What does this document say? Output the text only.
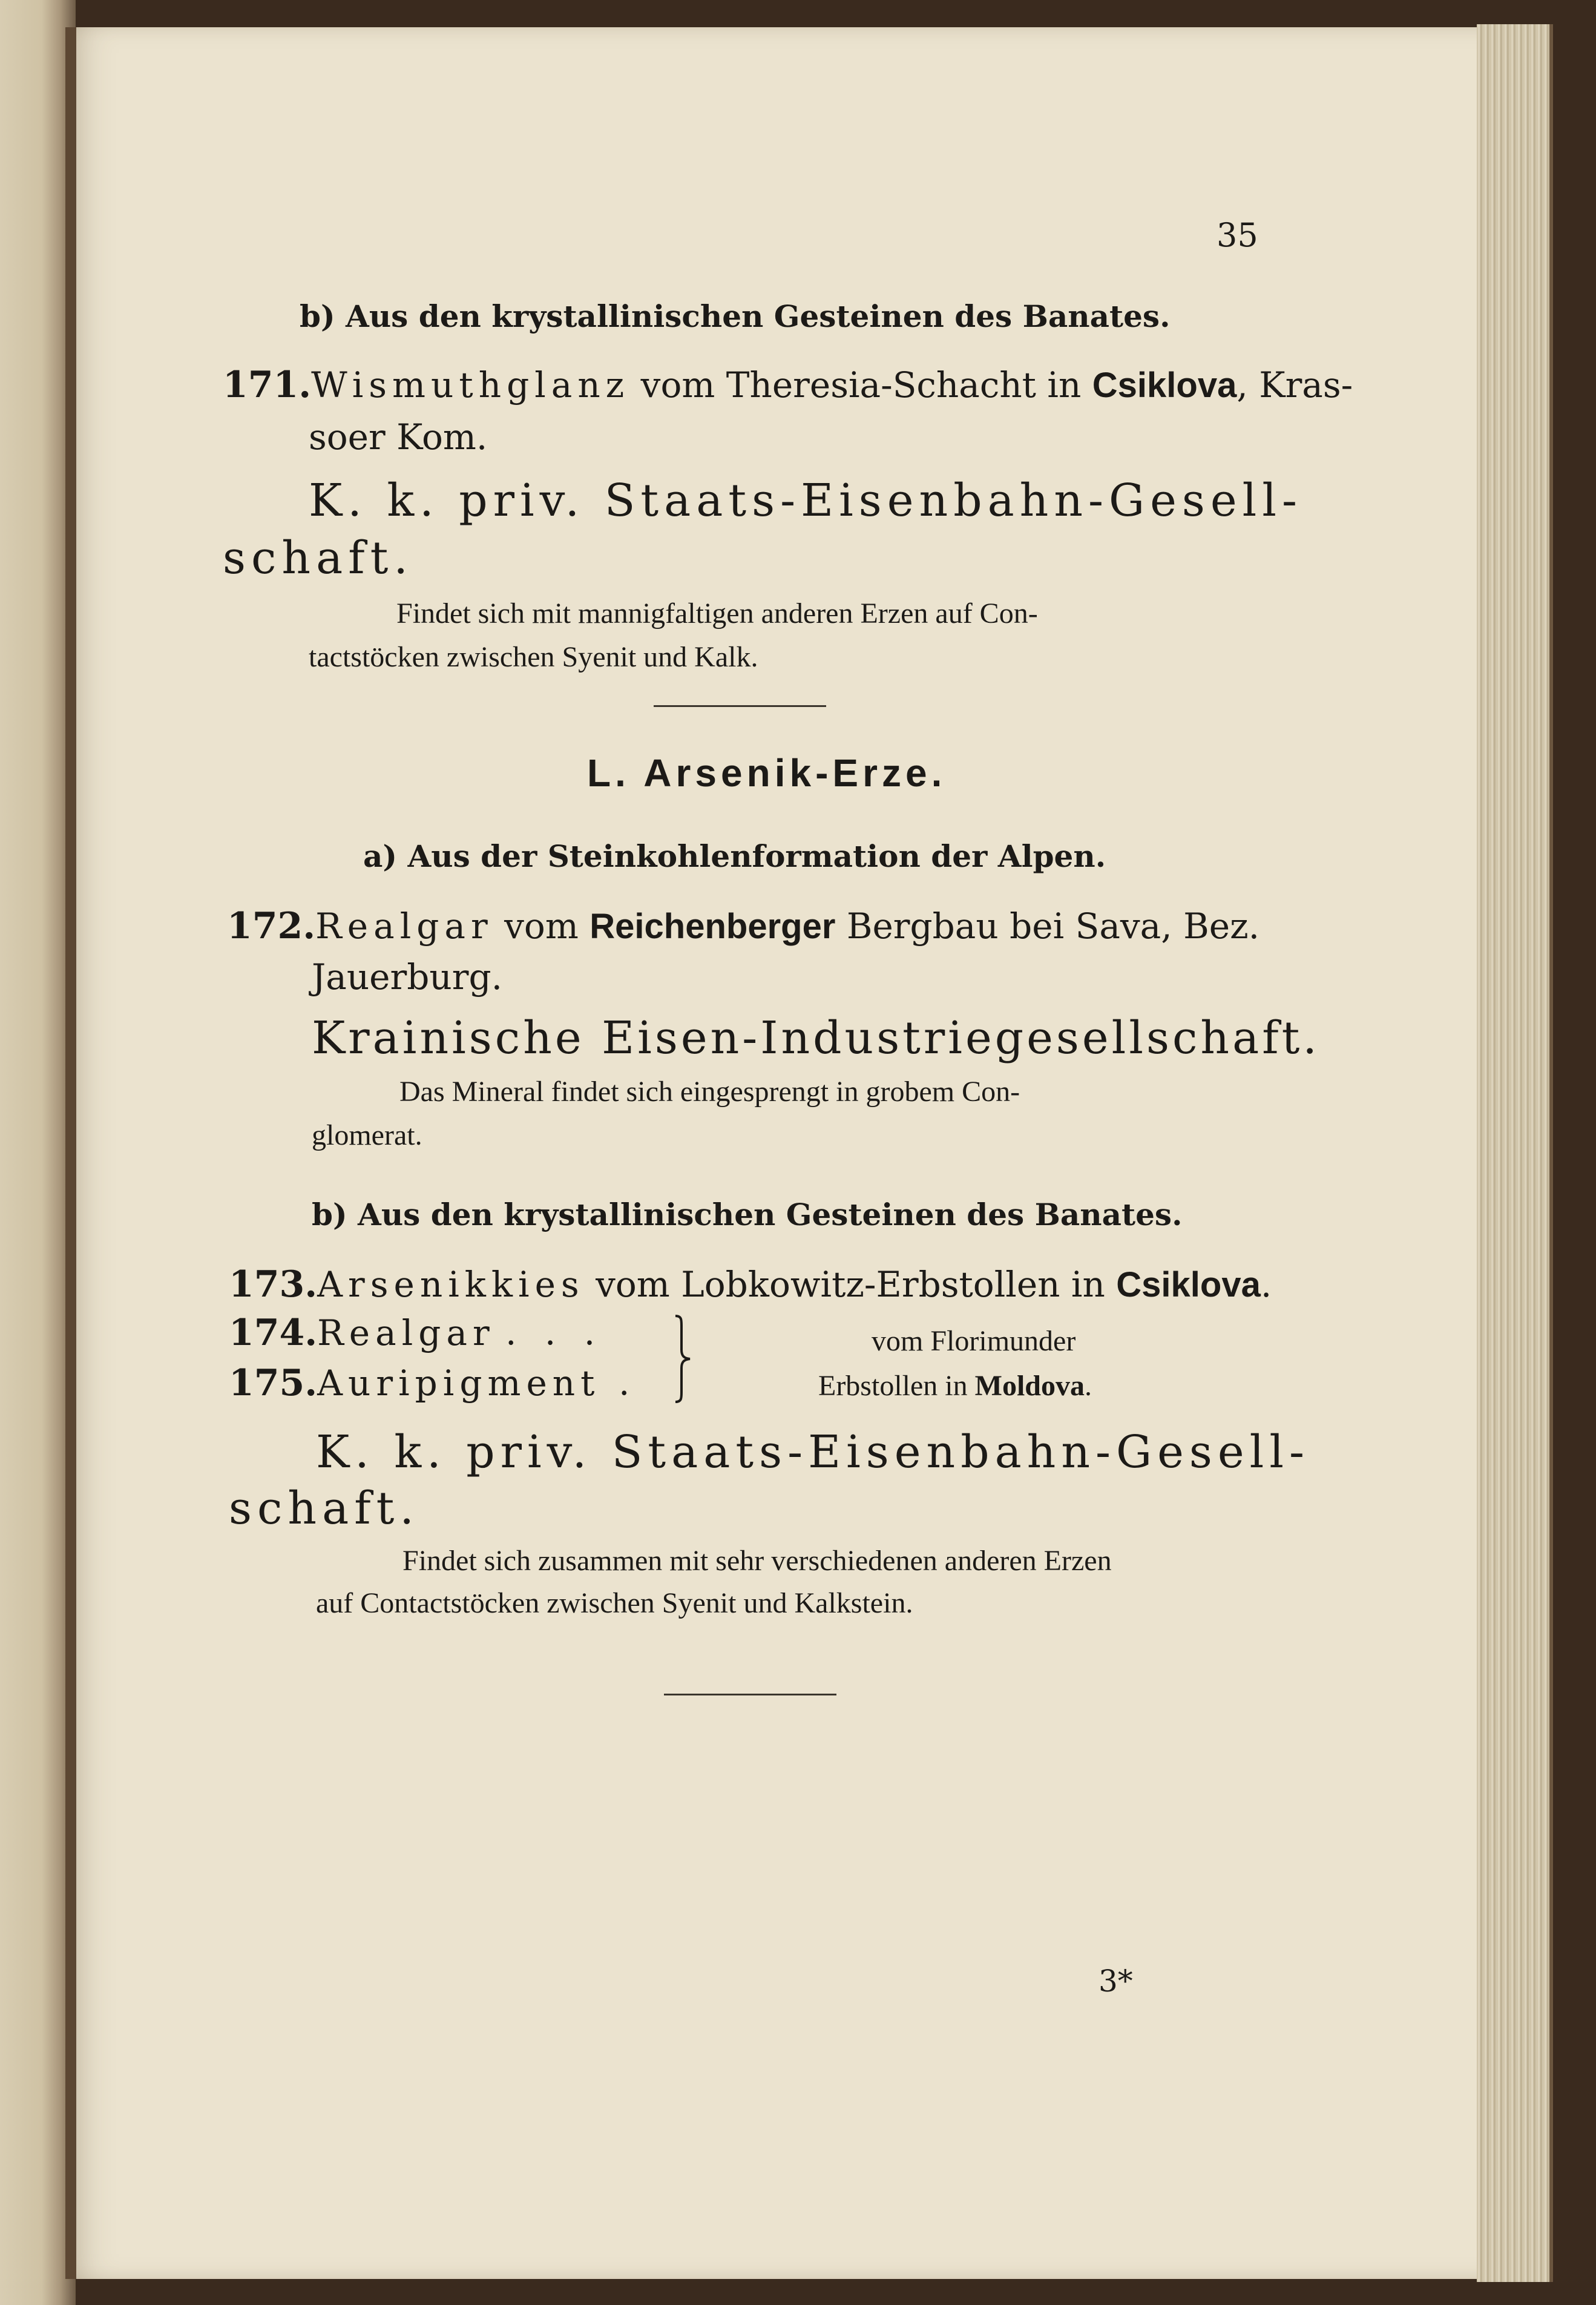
35
b) Aus den krystallinischen Gesteinen des Banates.
171.Wismuthglanz vom Theresia-Schacht in Csiklova, Kras-
soer Kom.
K. k. priv. Staats-Eisenbahn-Gesell-
schaft.
Findet sich mit mannigfaltigen anderen Erzen auf Con-
tactstöcken zwischen Syenit und Kalk.
L. Arsenik-Erze.
a) Aus der Steinkohlenformation der Alpen.
172.Realgar vom Reichenberger Bergbau bei Sava, Bez.
Jauerburg.
Krainische Eisen-Industriegesellschaft.
Das Mineral findet sich eingesprengt in grobem Con-
glomerat.
b) Aus den krystallinischen Gesteinen des Banates.
173.Arsenikkies vom Lobkowitz-Erbstollen in Csiklova.
174.Realgar . . .
175.Auripigment .
vom Florimunder
Erbstollen in Moldova.
K. k. priv. Staats-Eisenbahn-Gesell-
schaft.
Findet sich zusammen mit sehr verschiedenen anderen Erzen
auf Contactstöcken zwischen Syenit und Kalkstein.
3*
